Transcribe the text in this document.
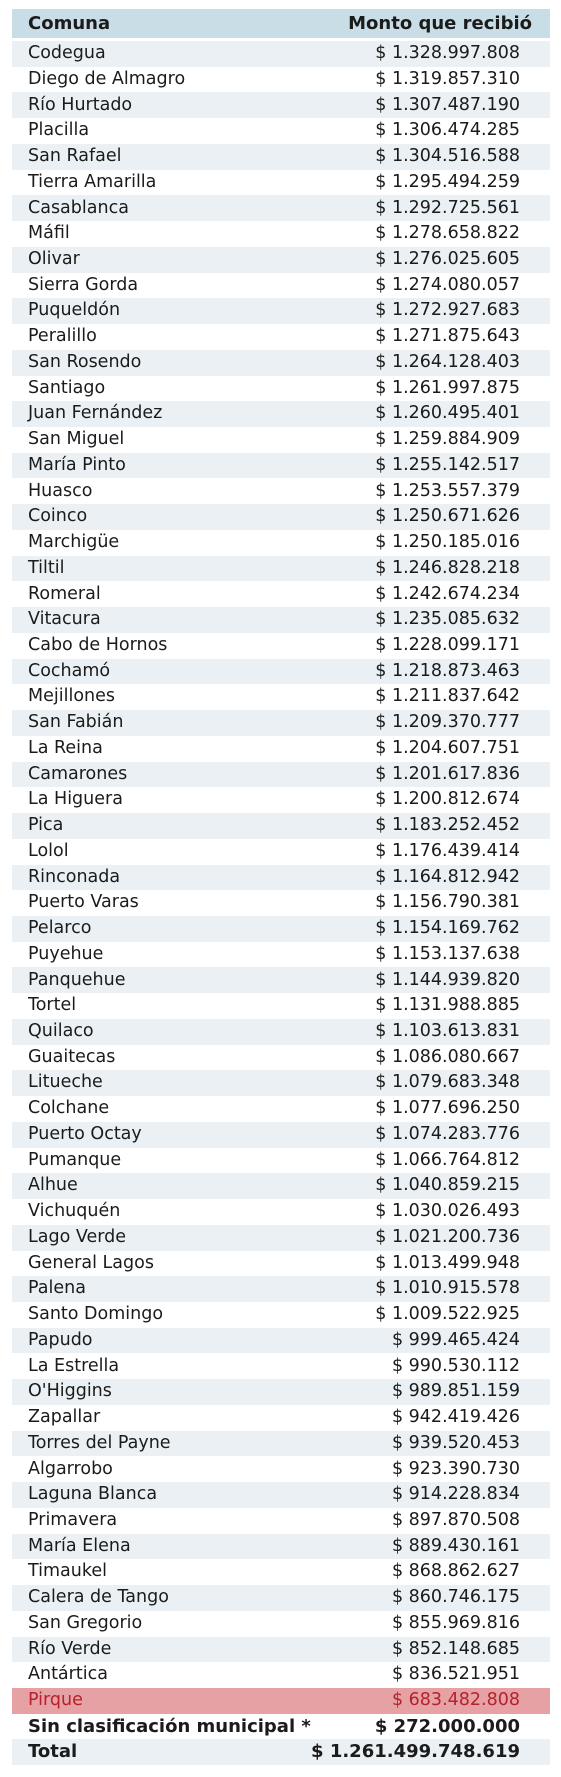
Comuna	Monto que recibió
Codegua	$ 1.328.997.808
Diego de Almagro	$ 1.319.857.310
Río Hurtado	$ 1.307.487.190
Placilla	$ 1.306.474.285
San Rafael	$ 1.304.516.588
Tierra Amarilla	$ 1.295.494.259
Casablanca	$ 1.292.725.561
Máfil	$ 1.278.658.822
Olivar	$ 1.276.025.605
Sierra Gorda	$ 1.274.080.057
Puqueldón	$ 1.272.927.683
Peralillo	$ 1.271.875.643
San Rosendo	$ 1.264.128.403
Santiago	$ 1.261.997.875
Juan Fernández	$ 1.260.495.401
San Miguel	$ 1.259.884.909
María Pinto	$ 1.255.142.517
Huasco	$ 1.253.557.379
Coinco	$ 1.250.671.626
Marchigüe	$ 1.250.185.016
Tiltil	$ 1.246.828.218
Romeral	$ 1.242.674.234
Vitacura	$ 1.235.085.632
Cabo de Hornos	$ 1.228.099.171
Cochamó	$ 1.218.873.463
Mejillones	$ 1.211.837.642
San Fabián	$ 1.209.370.777
La Reina	$ 1.204.607.751
Camarones	$ 1.201.617.836
La Higuera	$ 1.200.812.674
Pica	$ 1.183.252.452
Lolol	$ 1.176.439.414
Rinconada	$ 1.164.812.942
Puerto Varas	$ 1.156.790.381
Pelarco	$ 1.154.169.762
Puyehue	$ 1.153.137.638
Panquehue	$ 1.144.939.820
Tortel	$ 1.131.988.885
Quilaco	$ 1.103.613.831
Guaitecas	$ 1.086.080.667
Litueche	$ 1.079.683.348
Colchane	$ 1.077.696.250
Puerto Octay	$ 1.074.283.776
Pumanque	$ 1.066.764.812
Alhue	$ 1.040.859.215
Vichuquén	$ 1.030.026.493
Lago Verde	$ 1.021.200.736
General Lagos	$ 1.013.499.948
Palena	$ 1.010.915.578
Santo Domingo	$ 1.009.522.925
Papudo	$ 999.465.424
La Estrella	$ 990.530.112
O'Higgins	$ 989.851.159
Zapallar	$ 942.419.426
Torres del Payne	$ 939.520.453
Algarrobo	$ 923.390.730
Laguna Blanca	$ 914.228.834
Primavera	$ 897.870.508
María Elena	$ 889.430.161
Timaukel	$ 868.862.627
Calera de Tango	$ 860.746.175
San Gregorio	$ 855.969.816
Río Verde	$ 852.148.685
Antártica	$ 836.521.951
Pirque	$ 683.482.808
Sin clasificación municipal *	$ 272.000.000
Total	$ 1.261.499.748.619
